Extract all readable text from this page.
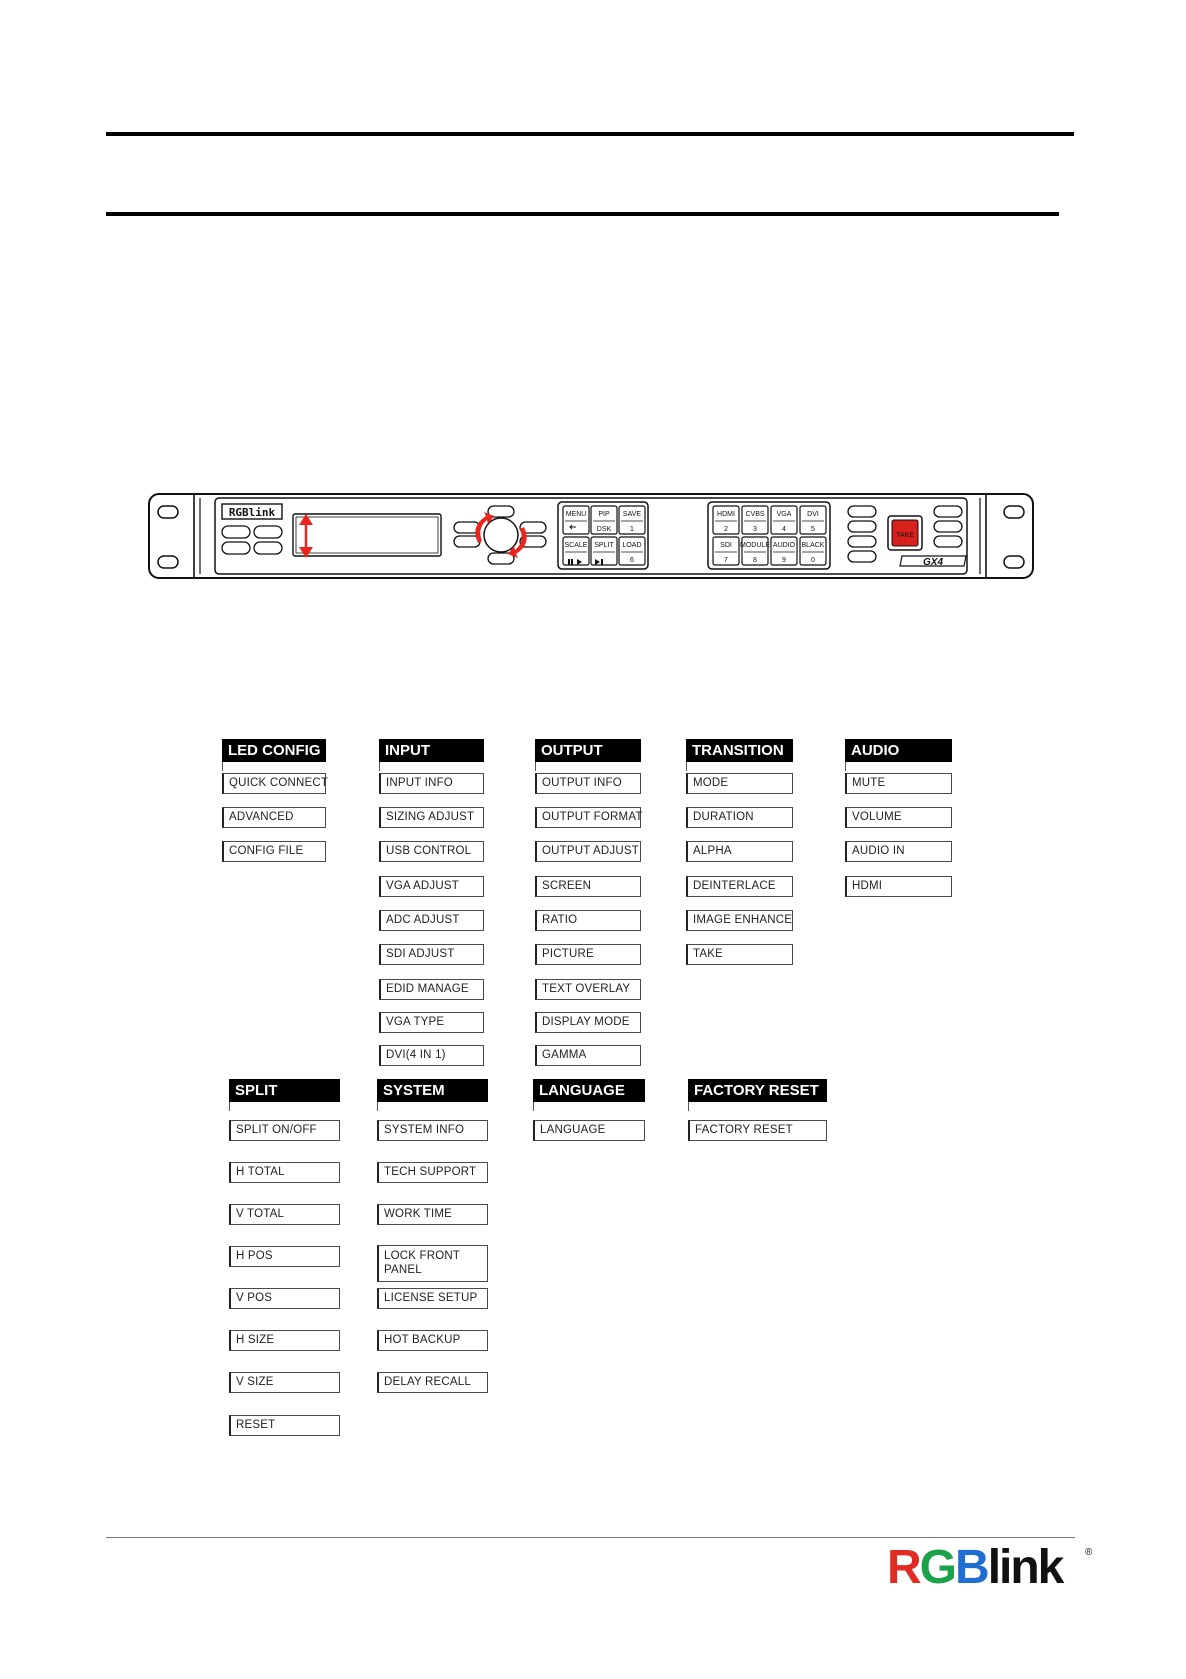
RGBlink	MENU PIP
DSK
SAVE
1
SCALE SPLIT LOAD
6
HDMI
2
CVBS
3
VGA
4
DVI
5
SDI
7
MODULE
8
AUDIO
9
BLACK
0
TAKE
GX4
LED CONFIG
QUICK CONNECT
ADVANCED
CONFIG FILE
INPUT
INPUT INFO
SIZING ADJUST
USB CONTROL
VGA ADJUST
ADC ADJUST
SDI ADJUST
EDID MANAGE
VGA TYPE
DVI(4 IN 1)
OUTPUT
OUTPUT INFO
OUTPUT FORMAT
OUTPUT ADJUST
SCREEN
RATIO
PICTURE
TEXT OVERLAY
DISPLAY MODE
GAMMA
TRANSITION
MODE
DURATION
ALPHA
DEINTERLACE
IMAGE ENHANCE
TAKE
AUDIO
MUTE
VOLUME
AUDIO IN
HDMI
SPLIT
SPLIT ON/OFF
H TOTAL
V TOTAL
H POS
V POS
H SIZE
V SIZE
RESET
SYSTEM
SYSTEM INFO
TECH SUPPORT
WORK TIME
LOCK FRONT
PANEL
LICENSE SETUP
HOT BACKUP
DELAY RECALL
LANGUAGE
LANGUAGE
FACTORY RESET
FACTORY RESET
RGBlink ®
